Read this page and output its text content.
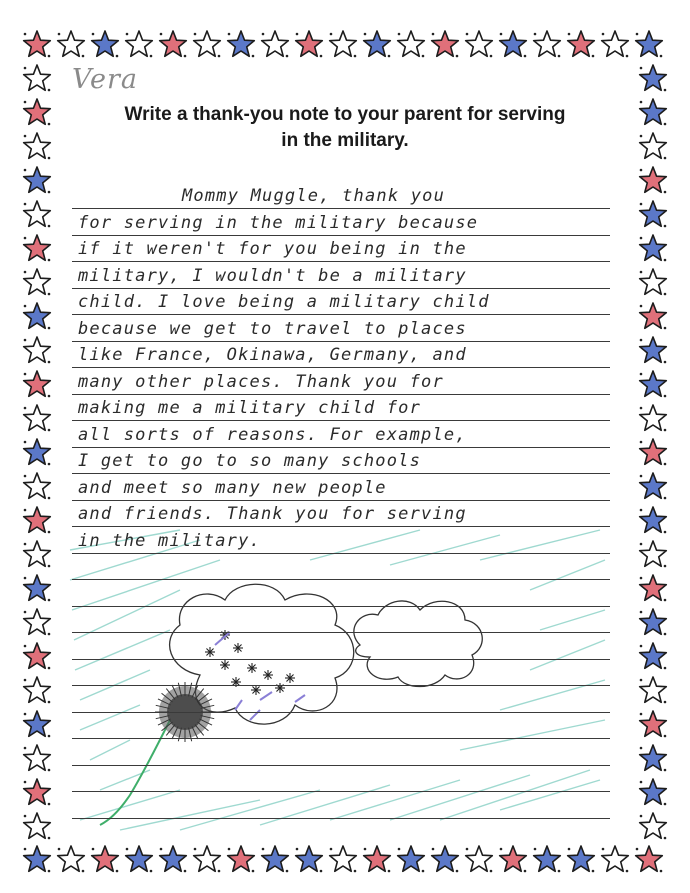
Vera
Write a thank-you note to your parent for serving
in the military.
Mommy Muggle, thank you
for serving in the military because
if it weren't for you being in the
military, I wouldn't be a military
child. I love being a military child
because we get to travel to places
like France, Okinawa, Germany, and
many other places. Thank you for
making me a military child for
all sorts of reasons. For example,
I get to go to so many schools
and meet so many new people
and friends. Thank you for serving
in the military.
